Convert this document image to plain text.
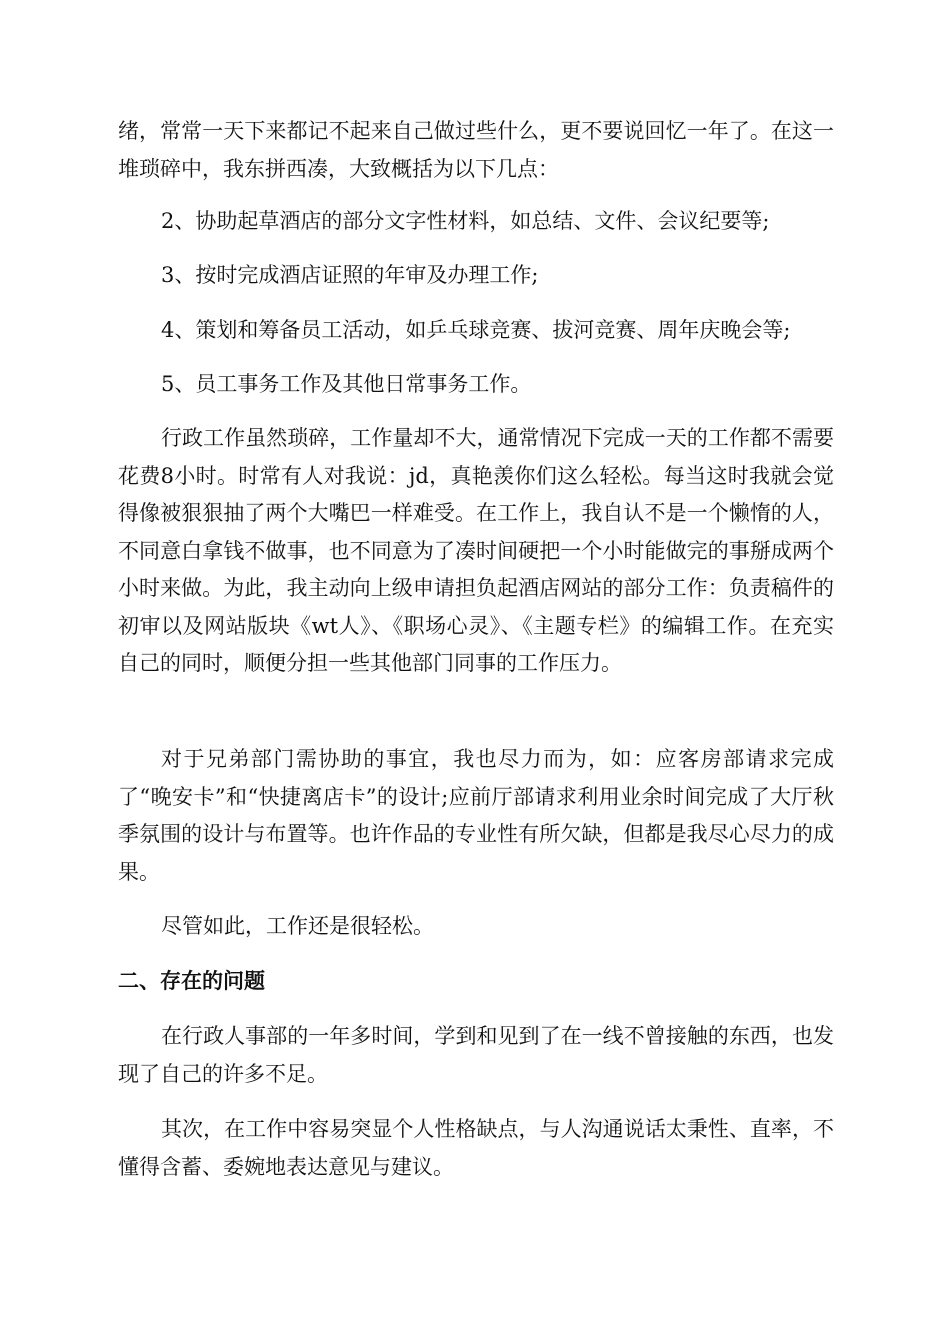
绪，常常一天下来都记不起来自己做过些什么，更不要说回忆一年了。在这一堆琐碎中，我东拼西凑，大致概括为以下几点：

2、协助起草酒店的部分文字性材料，如总结、文件、会议纪要等;

3、按时完成酒店证照的年审及办理工作;

4、策划和筹备员工活动，如乒乓球竞赛、拔河竞赛、周年庆晚会等;

5、员工事务工作及其他日常事务工作。

行政工作虽然琐碎，工作量却不大，通常情况下完成一天的工作都不需要花费8小时。时常有人对我说：jd，真艳羡你们这么轻松。每当这时我就会觉得像被狠狠抽了两个大嘴巴一样难受。在工作上，我自认不是一个懒惰的人，不同意白拿钱不做事，也不同意为了凑时间硬把一个小时能做完的事掰成两个小时来做。为此，我主动向上级申请担负起酒店网站的部分工作：负责稿件的初审以及网站版块《wt人》、《职场心灵》、《主题专栏》的编辑工作。在充实自己的同时，顺便分担一些其他部门同事的工作压力。

对于兄弟部门需协助的事宜，我也尽力而为，如：应客房部请求完成了“晚安卡”和“快捷离店卡”的设计;应前厅部请求利用业余时间完成了大厅秋季氛围的设计与布置等。也许作品的专业性有所欠缺，但都是我尽心尽力的成果。

尽管如此，工作还是很轻松。

二、存在的问题

在行政人事部的一年多时间，学到和见到了在一线不曾接触的东西，也发现了自己的许多不足。

其次，在工作中容易突显个人性格缺点，与人沟通说话太秉性、直率，不懂得含蓄、委婉地表达意见与建议。
